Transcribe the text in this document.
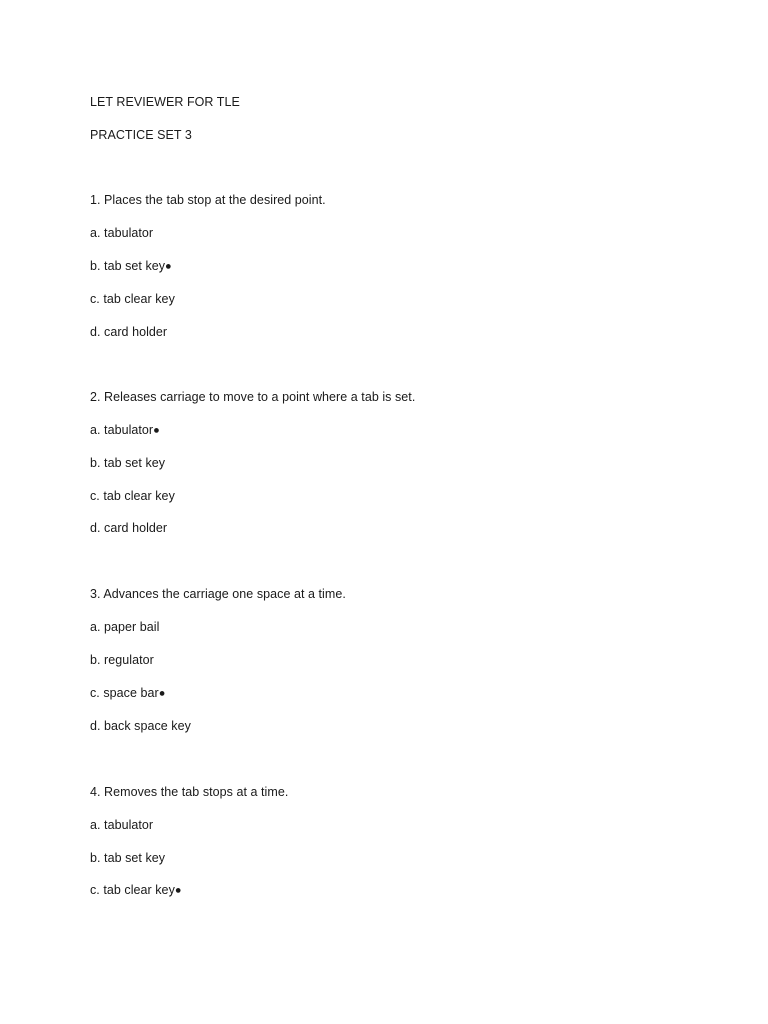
LET REVIEWER FOR TLE
PRACTICE SET 3
1. Places the tab stop at the desired point.
a. tabulator
b. tab set key●
c. tab clear key
d. card holder
2. Releases carriage to move to a point where a tab is set.
a. tabulator●
b. tab set key
c. tab clear key
d. card holder
3. Advances the carriage one space at a time.
a. paper bail
b. regulator
c. space bar●
d. back space key
4. Removes the tab stops at a time.
a. tabulator
b. tab set key
c. tab clear key●
